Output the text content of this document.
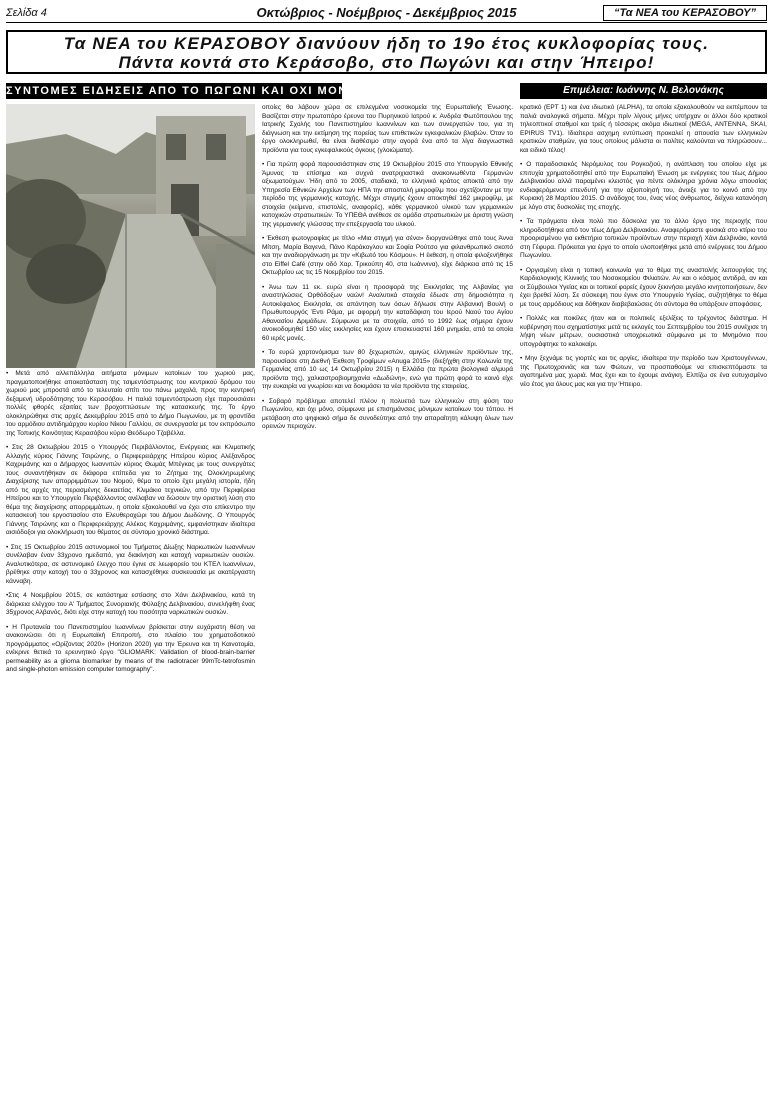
Σελίδα 4	Οκτώβριος - Νοέμβριος - Δεκέμβριος 2015	“Τα ΝΕΑ του ΚΕΡΑΣΟΒΟΥ”
Τα ΝΕΑ του ΚΕΡΑΣΟΒΟΥ διανύουν ήδη το 19ο έτος κυκλοφορίας τους.
Πάντα κοντά στο Κεράσοβο, στο Πωγώνι και στην Ήπειρο!
ΣΥΝΤΟΜΕΣ ΕΙΔΗΣΕΙΣ ΑΠΟ ΤΟ ΠΩΓΩΝΙ ΚΑΙ ΟΧΙ ΜΟΝΟ	Επιμέλεια: Ιωάννης Ν. Βελονάκης

• Μετά από αλλεπάλληλα αιτήματα μόνιμων κατοίκων του χωριού μας, πραγματοποιήθηκε αποκατάσταση της τσιμεντόστρωσης του κεντρικού δρόμου του χωριού μας μπροστά από το τελευταίο σπίτι του πάνω μαχαλά, προς την κεντρική δεξαμενή υδροδότησης του Κερασόβου. Η παλιά τσιμεντόστρωση είχε παρουσιάσει πολλές φθορές εξαιτίας των βροχοπτώσεων της κατασκευής της. Το έργο ολοκληρώθηκε στις αρχές Δεκεμβρίου 2015 από το Δήμο Πωγωνίου, με τη φροντίδα του αρμόδιου αντιδημάρχου κυρίου Νίκου Γαλλίου, σε συνεργασία με τον εκπρόσωπο της Τοπικής Κοινότητας Κερασόβου κύριο Θεόδωρο Τζαβέλλα.

• Στις 28 Οκτωβρίου 2015 ο Υπουργός Περιβάλλοντος, Ενέργειας και Κλιματικής Αλλαγής κύριος Γιάννης Τσιρώνης, ο Περιφερειάρχης Ηπείρου κύριος Αλέξανδρος Καχριμάνης και ο Δήμαρχος Ιωαννιτών κύριος Θωμάς Μπέγκας με τους συνεργάτες τους συναντήθηκαν σε διάφορα επίπεδα για το Ζήτημα της Ολοκληρωμένης Διαχείρισης των απορριμμάτων του Νομού, θέμα το οποίο έχει μεγάλη ιστορία, ήδη από τις αρχές της περασμένης δεκαετίας. Κλιμάκιο τεχνικών, από την Περιφέρεια Ηπείρου και το Υπουργείο Περιβάλλοντος ανέλαβαν να δώσουν την οριστική λύση στο θέμα της διαχείρισης απορριμμάτων, η οποία εξακολουθεί να έχει στο επίκεντρο την κατασκευή του εργοστασίου στο Ελευθεροχώρι του Δήμου Δωδώνης. Ο Υπουργός Γιάννης Τσιρώνης και ο Περιφερειάρχης Αλέκος Καχριμάνης, εμφανίστηκαν ιδιαίτερα αισιόδοξοι για ολοκλήρωση του θέματος σε σύντομο χρονικό διάστημα.

• Στις 15 Οκτωβρίου 2015 αστυνομικοί του Τμήματος Δίωξης Ναρκωτικών Ιωαννίνων συνέλαβαν έναν 33χρονο ημεδαπό, για διακίνηση και κατοχή ναρκωτικών ουσιών. Αναλυτικότερα, σε αστυνομικό έλεγχο που έγινε σε λεωφορείο του ΚΤΕΛ Ιωαννίνων, βρέθηκε στην κατοχή του ο 33χρονος και κατασχέθηκε συσκευασία με ακατέργαστη κάνναβη.

•Στις 4 Νοεμβρίου 2015, σε κατάστημα εστίασης στο Χάνι Δελβινακίου, κατά τη διάρκεια ελέγχου του Α' Τμήματος Συνοριακής Φύλαξης Δελβινακίου, συνελήφθη ένας 35χρονος Αλβανός, διότι είχε στην κατοχή του ποσότητα ναρκωτικών ουσιών.

• Η Πρυτανεία του Πανεπιστημίου Ιωαννίνων βρίσκεται στην ευχάριστη θέση να ανακοινώσει ότι η Ευρωπαϊκή Επιτροπή, στο πλαίσιο του χρηματοδοτικού προγράμματος «Ορίζοντας 2020» (Horizon 2020) για την Έρευνα και τη Καινοτομία, ενέκρινε θετικά το ερευνητικό έργο "GLIOMARK: Validation of blood-brain-barrier permeability as a glioma biomarker by means of the radiotracer 99mTc-tetrofosmin and single-photon emission computer tomography".

οποίες θα λάβουν χώρα σε επιλεγμένα νοσοκομεία της Ευρωπαϊκής Ένωσης. Βασίζεται στην πρωτοπόρο έρευνα του Πυρηνικού Ιατρού κ. Ανδρέα Φωτόπουλου της Ιατρικής Σχολής του Πανεπιστημίου Ιωαννίνων και των συνεργατών του, για τη διάγνωση και την εκτίμηση της πορείας των επιθετικών εγκεφαλικών βλαβών. Όταν το έργο ολοκληρωθεί, θα είναι διαθέσιμο στην αγορά ένα από τα λίγα διαγνωστικά προϊόντα για τους εγκεφαλικούς όγκους (γλοιώματα).

• Για πρώτη φορά παρουσιάστηκαν στις 19 Οκτωβρίου 2015 στο Υπουργείο Εθνικής Άμυνας τα επίσημα και συχνά ανατριχιαστικά ανακοινωθέντα Γερμανών αξιωματούχων. Ήδη από το 2005, σταδιακά, το ελληνικό κράτος αποκτά από την Υπηρεσία Εθνικών Αρχείων των ΗΠΑ την αποστολή μικροφίλμ που σχετίζονταν με την περίοδο της γερμανικής κατοχής. Μέχρι στιγμής έχουν αποκτηθεί 162 μικροφίλμ, με στοιχεία (κείμενα, επιστολές, αναφορές), κάθε γερμανικού υλικού των γερμανικών κατοχικών στρατιωτικών. Το ΥΠΕΘΑ ανέθεσε σε ομάδα στρατιωτικών με άριστη γνώση της γερμανικής γλώσσας την επεξεργασία του υλικού.

• Έκθεση φωτογραφίας με τίτλο «Μια στιγμή για σένα» διοργανώθηκε από τους Άννα Μίτση, Μαρία Βαγενά, Πάνο Καράκογλου και Σοφία Ρούτσο για φιλανθρωπικό σκοπό και την αναδιοργάνωση με την «Κιβωτό του Κόσμου». Η έκθεση, η οποία φιλοξενήθηκε στο Eiffel Café (στην οδό Χαρ. Τρικούπη 40, στα Ιωάννινα), είχε διάρκεια από τις 15 Οκτωβρίου ως τις 15 Νοεμβρίου του 2015.

• Άνω των 11 εκ. ευρώ είναι η προσφορά της Εκκλησίας της Αλβανίας για αναστηλώσεις Ορθόδοξων ναών! Αναλυτικά στοιχεία έδωσε στη δημοσιότητα η Αυτοκέφαλος Εκκλησία, σε απάντηση των όσων δήλωσε στην Αλβανική Βουλή ο Πρωθυπουργός Έντι Ράμα, με αφορμή την καταδάφιση του Ιερού Ναού του Αγίου Αθανασίου Δριμάδων. Σύμφωνα με τα στοιχεία, από το 1992 έως σήμερα έχουν ανοικοδομηθεί 150 νέες εκκλησίες και έχουν επισκευαστεί 160 μνημεία, από τα οποία 60 ιερές μονές.

• Το ευρώ χαρτονόμισμα των 80 ξεχωριστών, αμιγώς ελληνικών προϊόντων της, παρουσίασε στη Διεθνή Έκθεση Τροφίμων «Anuga 2015» (διεξήχθη στην Κολωνία της Γερμανίας από 10 ως 14 Οκτωβρίου 2015) η Ελλάδα (τα πρώτα βιολογικά αλμυρά προϊόντα της), χαλκαστροβιομηχανία «Δωδώνη», ενώ για πρώτη φορά το κοινό είχε την ευκαιρία να γνωρίσει και να δοκιμάσει τα νέα προϊόντα της εταιρείας.

• Σοβαρό πρόβλημα αποτελεί πλέον η πολυετιά των ελληνικών στη φύση του Πωγωνίου, και όχι μόνο, σύμφωνα με επισημάνσεις μόνιμων κατοίκων του τόπου. Η μετάβαση στο ψηφιακό σήμα δε συνοδεύτηκε από την απαραίτητη κάλυψη όλων των ορεινών περιοχών.

κρατικό (ΕΡΤ 1) και ένα ιδιωτικό (ALPHA), τα οποία εξακολουθούν να εκπέμπουν τα παλιά αναλογικά σήματα. Μέχρι πρίν λίγους μήνες υπήρχαν οι άλλοι δύο κρατικοί τηλεοπτικοί σταθμοί και τρείς ή τέσσερις ακόμα ιδιωτικοί (MEGA, ANTENNA, SKAI, EPIRUS TV1). Ιδιαίτερα ασχημη εντύπωση προκαλεί η απουσία των ελληνικών κρατικών σταθμών, για τους οποίους μάλιστα οι πολίτες καλούνται να πληρώσουν... και ειδικό τέλος!

• Ο παραδοσιακός Νερόμυλος του Ρογκοζιού, η ανάπλαση του οποίου είχε με επιτυχία χρηματοδοτηθεί από την Ευρωπαϊκή Ένωση με ενέργειες του τέως Δήμου Δελβινακίου αλλά παραμένει κλειστός για πέντε ολόκληρα χρόνια λόγω απουσίας ενδιαφερόμενου επενδυτή για την αξιοποίησή του, άνοιξε για το κοινό από την Κυριακή 28 Μαρτίου 2015. Ο ανάδοχος του, ένας νέος άνθρωπος, δείχνει κατανόηση με λόγο στις δυσκολίες της εποχής.

• Τα πράγματα είναι πολύ πιο δύσκολα για το άλλο έργο της περιοχής που κληροδοτήθηκε από τον τέως Δήμο Δελβινακίου. Αναφερόμαστε φυσικά στο κτίριο του προορισμένου για εκθετήριο τοπικών προϊόντων στην περιοχή Χάνι Δελβινάκι, κοντά στη Γέφυρα. Πρόκειται για έργο το οποίο υλοποιήθηκε μετά από ενέργειες του Δήμου Πωγωνίου.

• Οργισμένη είναι η τοπική κοινωνία για το θέμα της αναστολής λειτουργίας της Καρδιολογικής Κλινικής του Νοσοκομείου Φιλιατών. Αν και ο κόσμος αντιδρά, αν και οι Σύμβουλοι Υγείας και οι τοπικοί φορείς έχουν ξεκινήσει μεγάλο κινητοποιήσεων, δεν έχει βρεθεί λύση. Σε σύσκεψη που έγινε στο Υπουργείο Υγείας, συζητήθηκε το θέμα με τους αρμόδιους και δόθηκαν διαβεβαιώσεις ότι σύντομα θα υπάρξουν αποφάσεις.

• Πολλές και ποικίλες ήταν και οι πολιτικές εξελίξεις το τρέχοντος διάστημα. Η κυβέρνηση που σχηματίστηκε μετά τις εκλογές του Σεπτεμβρίου του 2015 συνέχισε τη λήψη νέων μέτρων, ουσιαστικά υποχρεωτικά σύμφωνα με το Μνημόνιο που υπογράφτηκε το καλοκαίρι.

• Μην ξεχνάμε τις γιορτές και τις αργίες, ιδιαίτερα την περίοδο των Χριστουγέννων, της Πρωτοχρονιάς και των Φώτων, να προσπαθούμε να επισκεπτόμαστε τα αγαπημένα μας χωριά. Μας έχει και το έχουμε ανάγκη. Ελπίζω σε ένα ευτυχισμένο νέο έτος για όλους μας και για την Ήπειρο.
